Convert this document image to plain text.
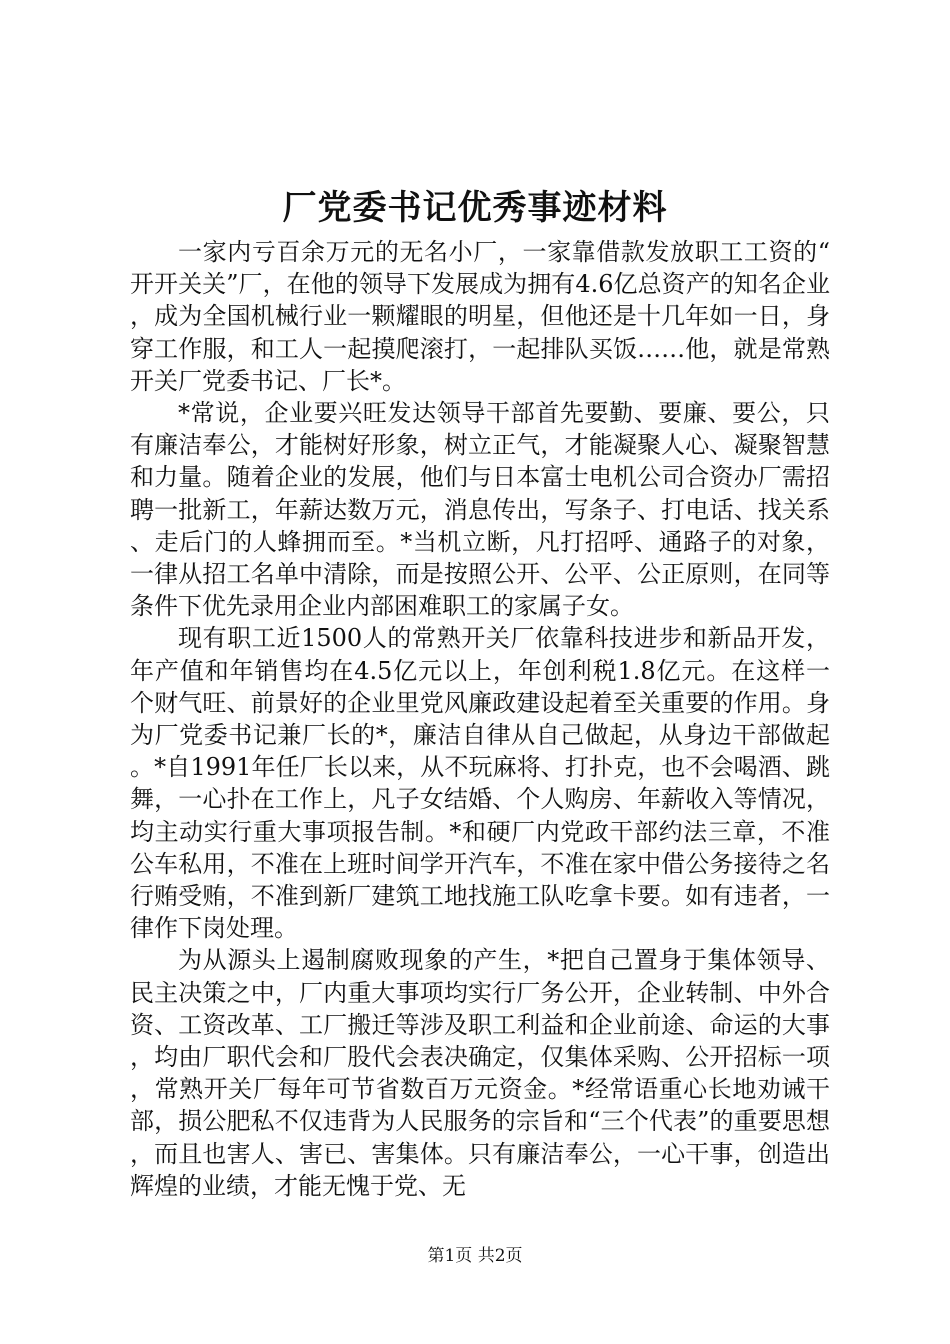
厂党委书记优秀事迹材料

一家内亏百余万元的无名小厂，一家靠借款发放职工工资的“开开关关”厂，在他的领导下发展成为拥有4.6亿总资产的知名企业，成为全国机械行业一颗耀眼的明星，但他还是十几年如一日，身穿工作服，和工人一起摸爬滚打，一起排队买饭……他，就是常熟开关厂党委书记、厂长*。

*常说，企业要兴旺发达领导干部首先要勤、要廉、要公，只有廉洁奉公，才能树好形象，树立正气，才能凝聚人心、凝聚智慧和力量。随着企业的发展，他们与日本富士电机公司合资办厂需招聘一批新工，年薪达数万元，消息传出，写条子、打电话、找关系、走后门的人蜂拥而至。*当机立断，凡打招呼、通路子的对象，一律从招工名单中清除，而是按照公开、公平、公正原则，在同等条件下优先录用企业内部困难职工的家属子女。

现有职工近1500人的常熟开关厂依靠科技进步和新品开发，年产值和年销售均在4.5亿元以上，年创利税1.8亿元。在这样一个财气旺、前景好的企业里党风廉政建设起着至关重要的作用。身为厂党委书记兼厂长的*，廉洁自律从自己做起，从身边干部做起。*自1991年任厂长以来，从不玩麻将、打扑克，也不会喝酒、跳舞，一心扑在工作上，凡子女结婚、个人购房、年薪收入等情况，均主动实行重大事项报告制。*和硬厂内党政干部约法三章，不准公车私用，不准在上班时间学开汽车，不准在家中借公务接待之名行贿受贿，不准到新厂建筑工地找施工队吃拿卡要。如有违者，一律作下岗处理。

为从源头上遏制腐败现象的产生，*把自己置身于集体领导、民主决策之中，厂内重大事项均实行厂务公开，企业转制、中外合资、工资改革、工厂搬迁等涉及职工利益和企业前途、命运的大事，均由厂职代会和厂股代会表决确定，仅集体采购、公开招标一项，常熟开关厂每年可节省数百万元资金。*经常语重心长地劝诫干部，损公肥私不仅违背为人民服务的宗旨和“三个代表”的重要思想，而且也害人、害已、害集体。只有廉洁奉公，一心干事，创造出辉煌的业绩，才能无愧于党、无

第1页 共2页
